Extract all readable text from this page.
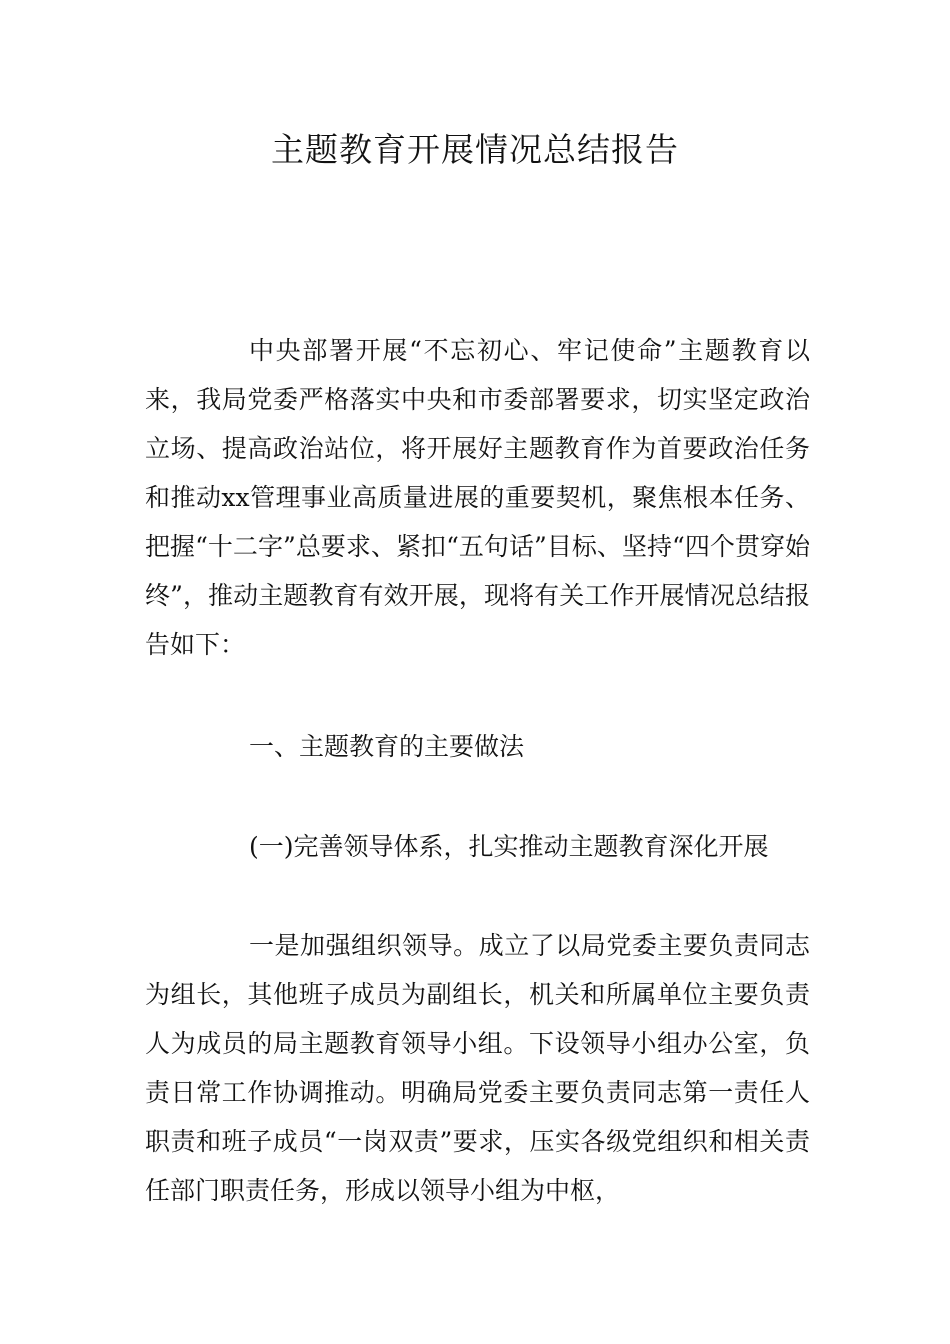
主题教育开展情况总结报告

中央部署开展“不忘初心、牢记使命”主题教育以来，我局党委严格落实中央和市委部署要求，切实坚定政治立场、提高政治站位，将开展好主题教育作为首要政治任务和推动xx管理事业高质量进展的重要契机，聚焦根本任务、把握“十二字”总要求、紧扣“五句话”目标、坚持“四个贯穿始终”，推动主题教育有效开展，现将有关工作开展情况总结报告如下：

一、主题教育的主要做法

(一)完善领导体系，扎实推动主题教育深化开展

一是加强组织领导。成立了以局党委主要负责同志为组长，其他班子成员为副组长，机关和所属单位主要负责人为成员的局主题教育领导小组。下设领导小组办公室，负责日常工作协调推动。明确局党委主要负责同志第一责任人职责和班子成员“一岗双责”要求，压实各级党组织和相关责任部门职责任务，形成以领导小组为中枢，
